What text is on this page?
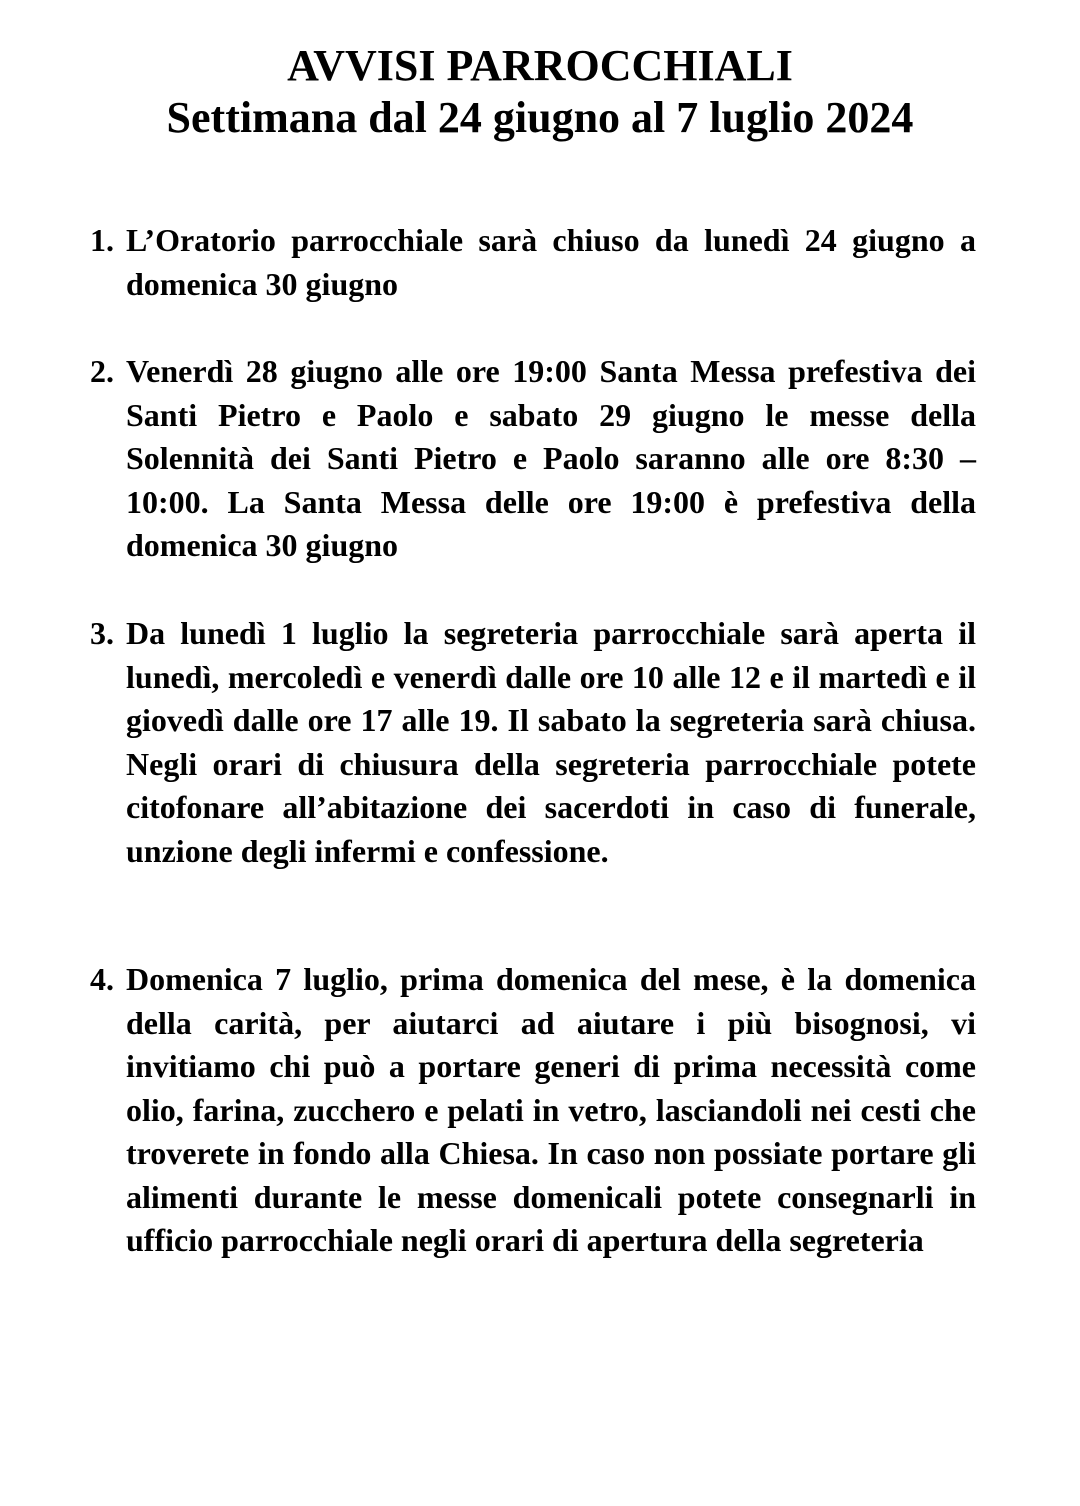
AVVISI PARROCCHIALI

Settimana dal 24 giugno al 7 luglio 2024

1. L’Oratorio parrocchiale sarà chiuso da lunedì 24 giugno a domenica 30 giugno
2. Venerdì 28 giugno alle ore 19:00 Santa Messa prefestiva dei Santi Pietro e Paolo e sabato 29 giugno le messe della Solennità dei Santi Pietro e Paolo saranno alle ore 8:30 – 10:00. La Santa Messa delle ore 19:00 è prefestiva della domenica 30 giugno
3. Da lunedì 1 luglio la segreteria parrocchiale sarà aperta il lunedì, mercoledì e venerdì dalle ore 10 alle 12 e il martedì e il giovedì dalle ore 17 alle 19. Il sabato la segreteria sarà chiusa. Negli orari di chiusura della segreteria parrocchiale potete citofonare all’abitazione dei sacerdoti in caso di funerale, unzione degli infermi e confessione.
4. Domenica 7 luglio, prima domenica del mese, è la domenica della carità, per aiutarci ad aiutare i più bisognosi, vi invitiamo chi può a portare generi di prima necessità come olio, farina, zucchero e pelati in vetro, lasciandoli nei cesti che troverete in fondo alla Chiesa. In caso non possiate portare gli alimenti durante le messe domenicali potete consegnarli in ufficio parrocchiale negli orari di apertura della segreteria
